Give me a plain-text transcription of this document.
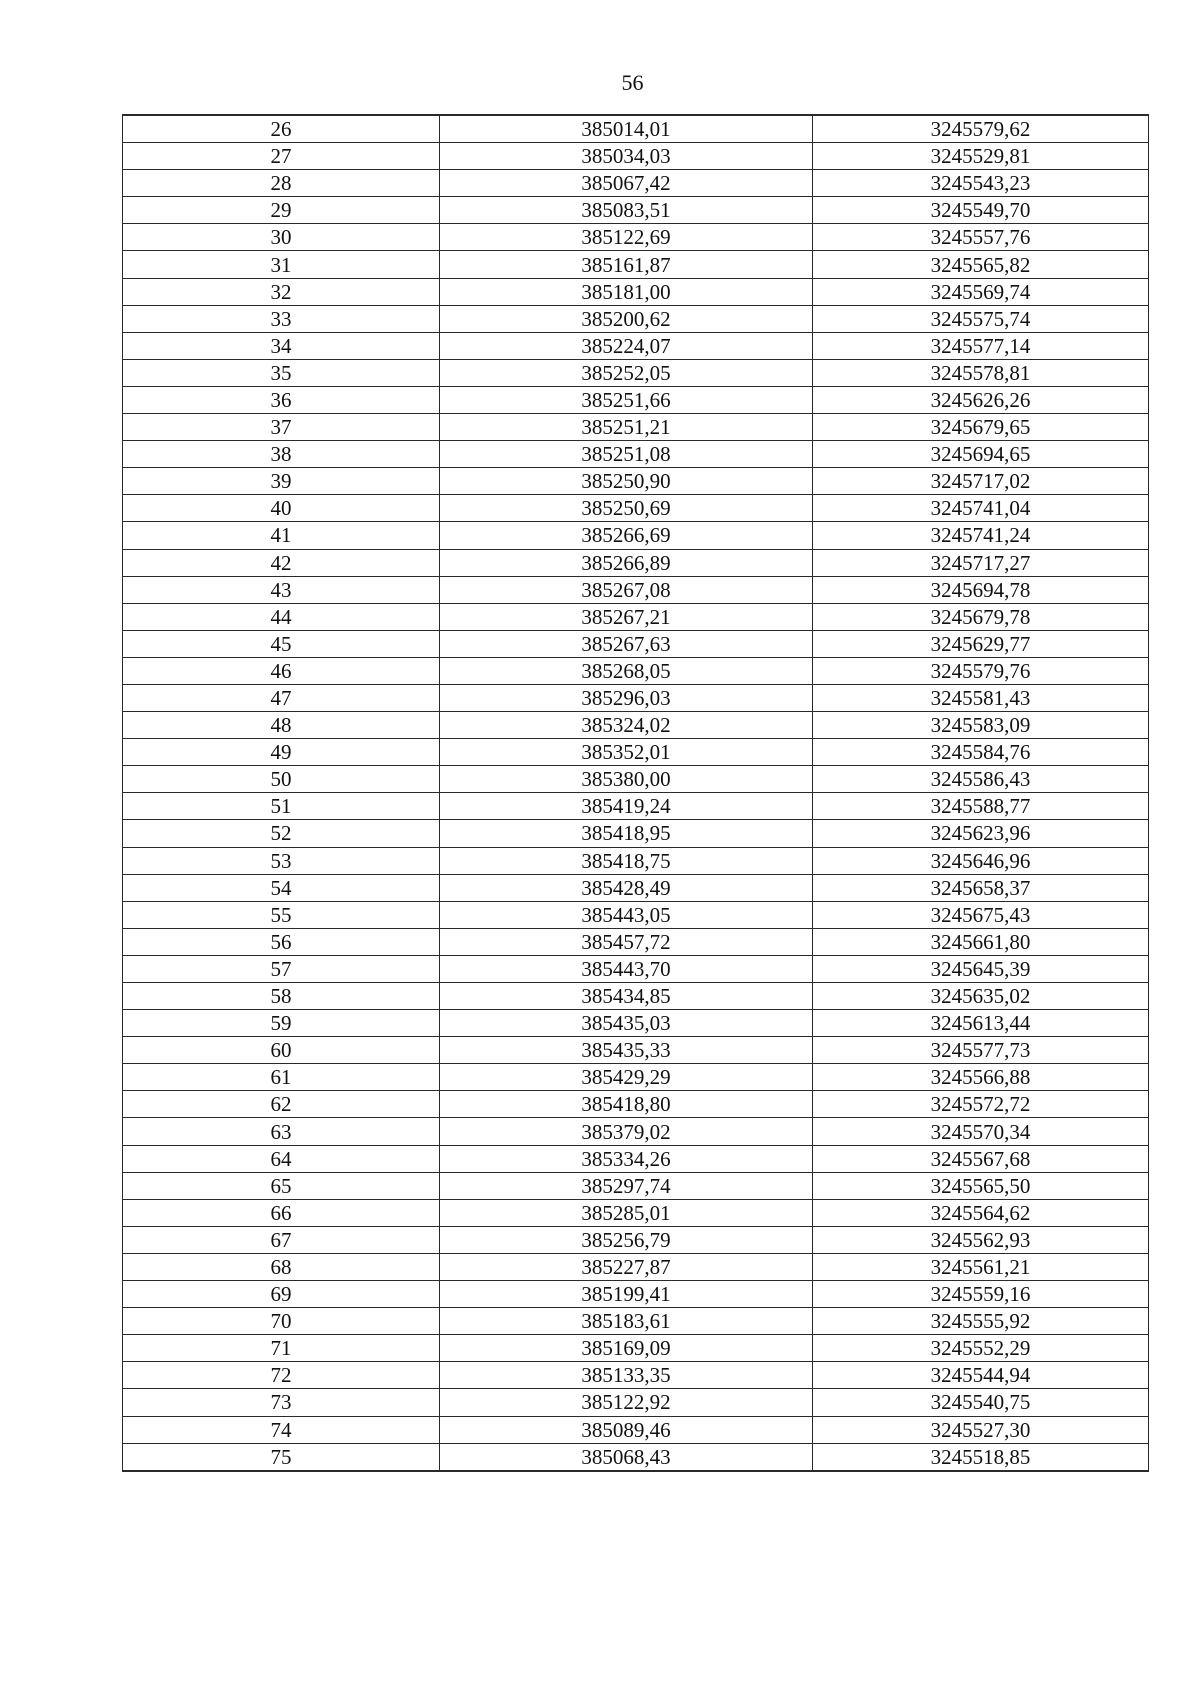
56
26	385014,01	3245579,62
27	385034,03	3245529,81
28	385067,42	3245543,23
29	385083,51	3245549,70
30	385122,69	3245557,76
31	385161,87	3245565,82
32	385181,00	3245569,74
33	385200,62	3245575,74
34	385224,07	3245577,14
35	385252,05	3245578,81
36	385251,66	3245626,26
37	385251,21	3245679,65
38	385251,08	3245694,65
39	385250,90	3245717,02
40	385250,69	3245741,04
41	385266,69	3245741,24
42	385266,89	3245717,27
43	385267,08	3245694,78
44	385267,21	3245679,78
45	385267,63	3245629,77
46	385268,05	3245579,76
47	385296,03	3245581,43
48	385324,02	3245583,09
49	385352,01	3245584,76
50	385380,00	3245586,43
51	385419,24	3245588,77
52	385418,95	3245623,96
53	385418,75	3245646,96
54	385428,49	3245658,37
55	385443,05	3245675,43
56	385457,72	3245661,80
57	385443,70	3245645,39
58	385434,85	3245635,02
59	385435,03	3245613,44
60	385435,33	3245577,73
61	385429,29	3245566,88
62	385418,80	3245572,72
63	385379,02	3245570,34
64	385334,26	3245567,68
65	385297,74	3245565,50
66	385285,01	3245564,62
67	385256,79	3245562,93
68	385227,87	3245561,21
69	385199,41	3245559,16
70	385183,61	3245555,92
71	385169,09	3245552,29
72	385133,35	3245544,94
73	385122,92	3245540,75
74	385089,46	3245527,30
75	385068,43	3245518,85
